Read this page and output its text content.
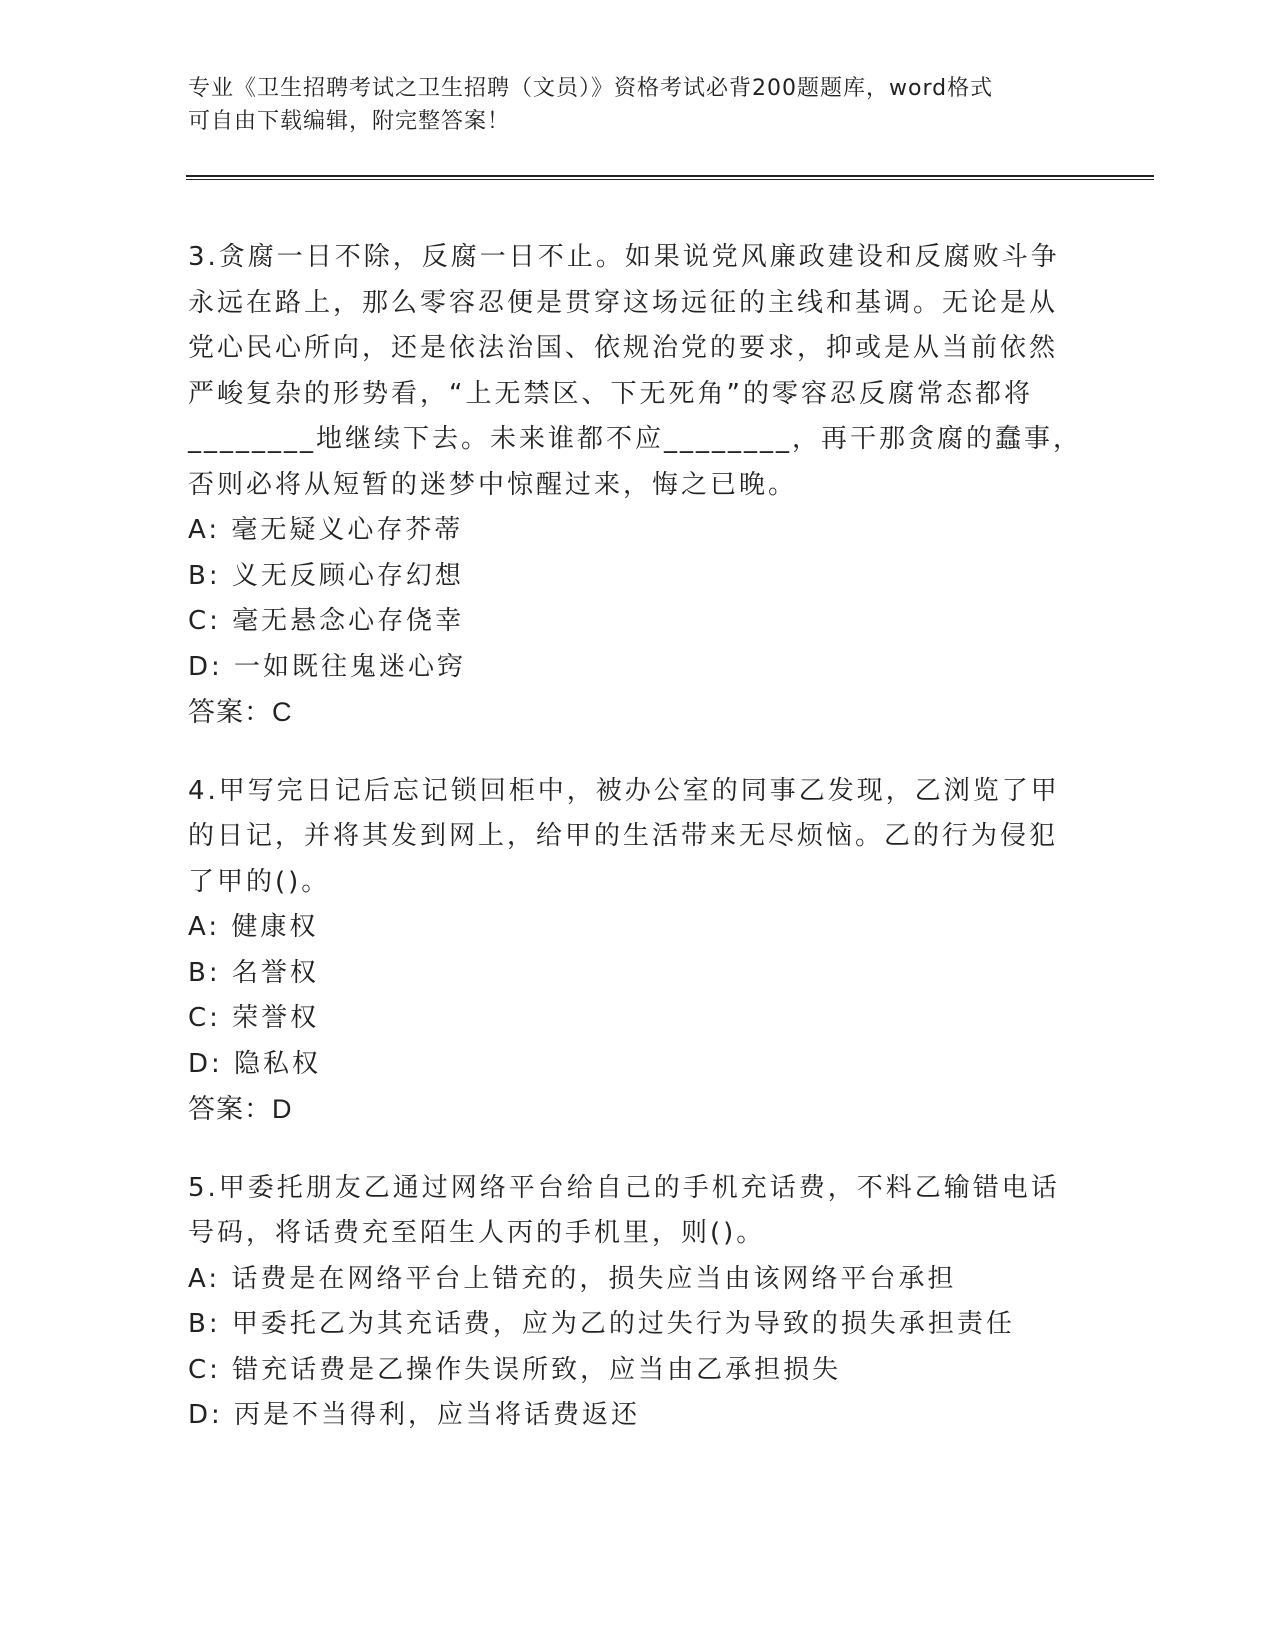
专业《卫生招聘考试之卫生招聘（文员）》资格考试必背200题题库，word格式

可自由下载编辑，附完整答案！

3.贪腐一日不除，反腐一日不止。如果说党风廉政建设和反腐败斗争
永远在路上，那么零容忍便是贯穿这场远征的主线和基调。无论是从
党心民心所向，还是依法治国、依规治党的要求，抑或是从当前依然
严峻复杂的形势看，“上无禁区、下无死角”的零容忍反腐常态都将
________地继续下去。未来谁都不应________，再干那贪腐的蠢事，
否则必将从短暂的迷梦中惊醒过来，悔之已晚。
A: 毫无疑义心存芥蒂
B: 义无反顾心存幻想
C: 毫无悬念心存侥幸
D: 一如既往鬼迷心窍
答案：C
4.甲写完日记后忘记锁回柜中，被办公室的同事乙发现，乙浏览了甲
的日记，并将其发到网上，给甲的生活带来无尽烦恼。乙的行为侵犯
了甲的()。
A: 健康权
B: 名誉权
C: 荣誉权
D: 隐私权
答案：D
5.甲委托朋友乙通过网络平台给自己的手机充话费，不料乙输错电话
号码，将话费充至陌生人丙的手机里，则()。
A: 话费是在网络平台上错充的，损失应当由该网络平台承担
B: 甲委托乙为其充话费，应为乙的过失行为导致的损失承担责任
C: 错充话费是乙操作失误所致，应当由乙承担损失
D: 丙是不当得利，应当将话费返还
